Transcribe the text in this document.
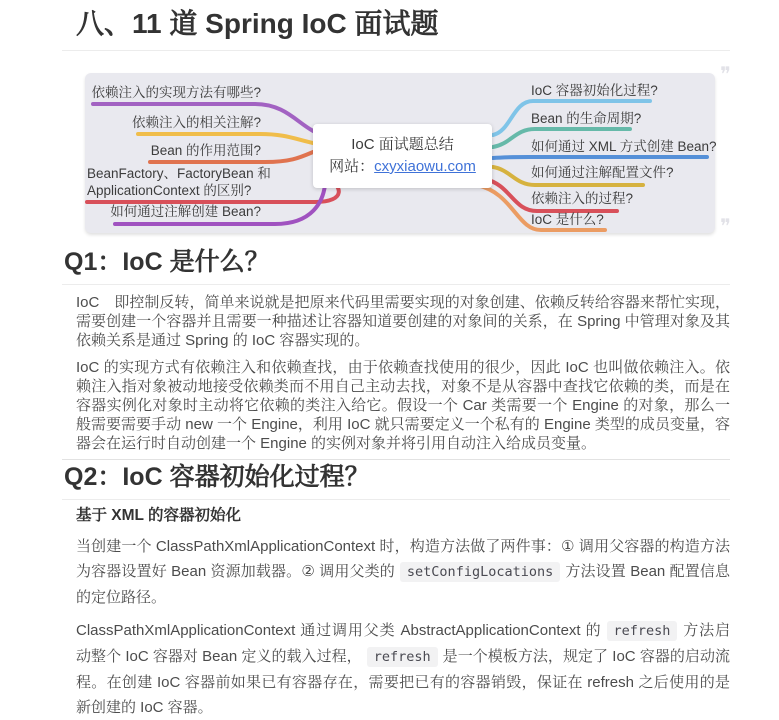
八、11 道 Spring IoC 面试题
依赖注入的实现方法有哪些?
依赖注入的相关注解?
Bean 的作用范围?
BeanFactory、FactoryBean 和 ApplicationContext 的区别?
如何通过注解创建 Bean?
IoC 容器初始化过程?
Bean 的生命周期?
如何通过 XML 方式创建 Bean?
如何通过注解配置文件?
依赖注入的过程?
IoC 是什么?
IoC 面试题总结
网站：cxyxiaowu.com
❞
❞
Q1：IoC 是什么？

IoC　即控制反转，简单来说就是把原来代码里需要实现的对象创建、依赖反转给容器来帮忙实现，需要创建一个容器并且需要一种描述让容器知道要创建的对象间的关系，在 Spring 中管理对象及其依赖关系是通过 Spring 的 IoC 容器实现的。

IoC 的实现方式有依赖注入和依赖查找，由于依赖查找使用的很少，因此 IoC 也叫做依赖注入。依赖注入指对象被动地接受依赖类而不用自己主动去找，对象不是从容器中查找它依赖的类，而是在容器实例化对象时主动将它依赖的类注入给它。假设一个 Car 类需要一个 Engine 的对象，那么一般需要需要手动 new 一个 Engine，利用 IoC 就只需要定义一个私有的 Engine 类型的成员变量，容器会在运行时自动创建一个 Engine 的实例对象并将引用自动注入给成员变量。

Q2：IoC 容器初始化过程？
基于 XML 的容器初始化

当创建一个 ClassPathXmlApplicationContext 时，构造方法做了两件事：① 调用父容器的构造方法为容器设置好 Bean 资源加载器。② 调用父类的 setConfigLocations 方法设置 Bean 配置信息的定位路径。

ClassPathXmlApplicationContext 通过调用父类 AbstractApplicationContext 的 refresh 方法启动整个 IoC 容器对 Bean 定义的载入过程， refresh 是一个模板方法，规定了 IoC 容器的启动流程。在创建 IoC 容器前如果已有容器存在，需要把已有的容器销毁，保证在 refresh 之后使用的是新创建的 IoC 容器。
